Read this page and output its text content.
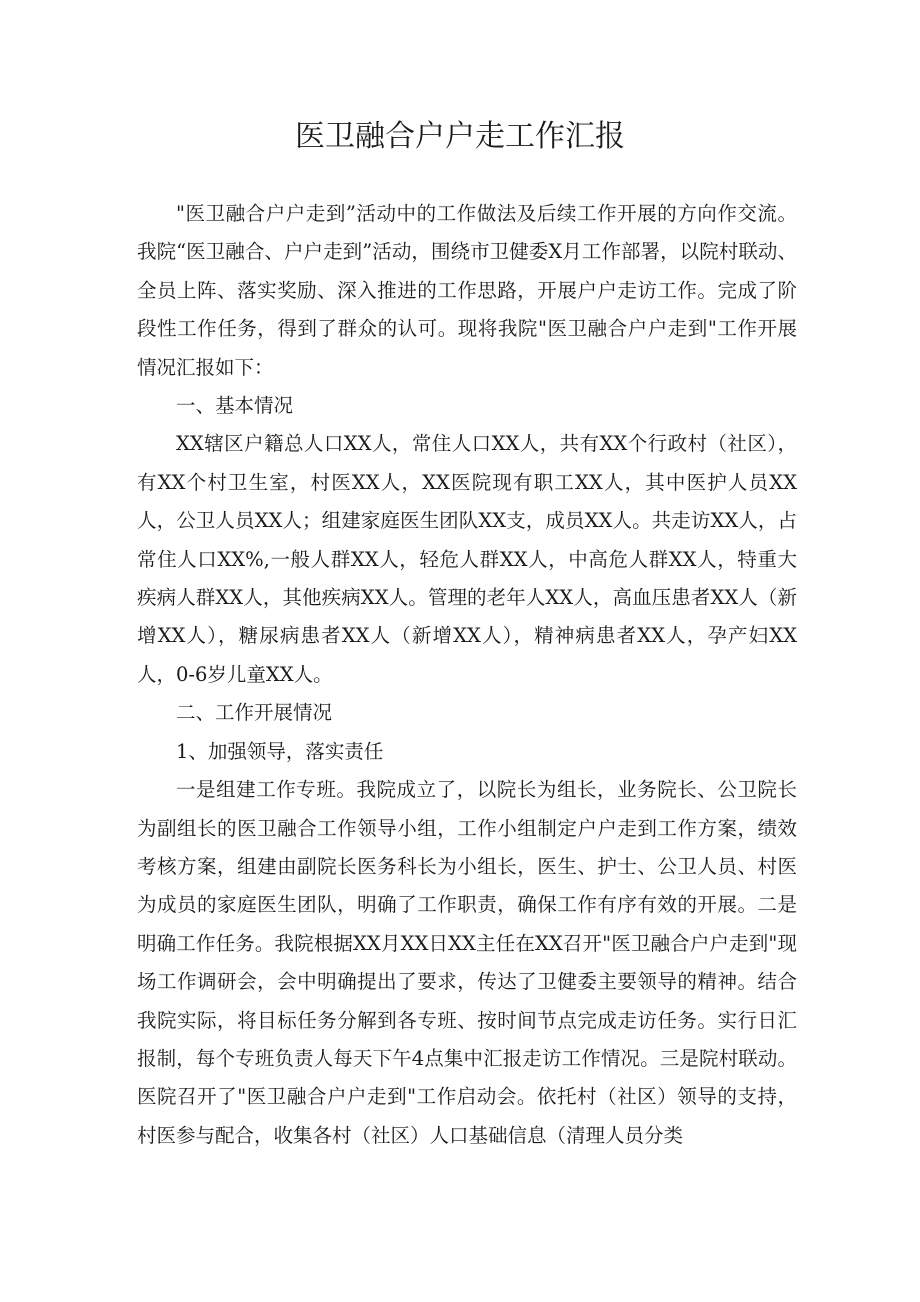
医卫融合户户走工作汇报

"医卫融合户户走到”活动中的工作做法及后续工作开展的方向作交流。我院“医卫融合、户户走到”活动，围绕市卫健委X月工作部署，以院村联动、全员上阵、落实奖励、深入推进的工作思路，开展户户走访工作。完成了阶段性工作任务，得到了群众的认可。现将我院"医卫融合户户走到"工作开展情况汇报如下：

一、基本情况

XX辖区户籍总人口XX人，常住人口XX人，共有XX个行政村（社区），有XX个村卫生室，村医XX人，XX医院现有职工XX人，其中医护人员XX人，公卫人员XX人；组建家庭医生团队XX支，成员XX人。共走访XX人，占常住人口XX%,一般人群XX人，轻危人群XX人，中高危人群XX人，特重大疾病人群XX人，其他疾病XX人。管理的老年人XX人，高血压患者XX人（新增XX人），糖尿病患者XX人（新增XX人），精神病患者XX人，孕产妇XX人，0-6岁儿童XX人。

二、工作开展情况

1、加强领导，落实责任

一是组建工作专班。我院成立了，以院长为组长，业务院长、公卫院长为副组长的医卫融合工作领导小组，工作小组制定户户走到工作方案，绩效考核方案，组建由副院长医务科长为小组长，医生、护士、公卫人员、村医为成员的家庭医生团队，明确了工作职责，确保工作有序有效的开展。二是明确工作任务。我院根据XX月XX日XX主任在XX召开"医卫融合户户走到"现场工作调研会，会中明确提出了要求，传达了卫健委主要领导的精神。结合我院实际，将目标任务分解到各专班、按时间节点完成走访任务。实行日汇报制，每个专班负责人每天下午4点集中汇报走访工作情况。三是院村联动。医院召开了"医卫融合户户走到"工作启动会。依托村（社区）领导的支持，村医参与配合，收集各村（社区）人口基础信息（清理人员分类
